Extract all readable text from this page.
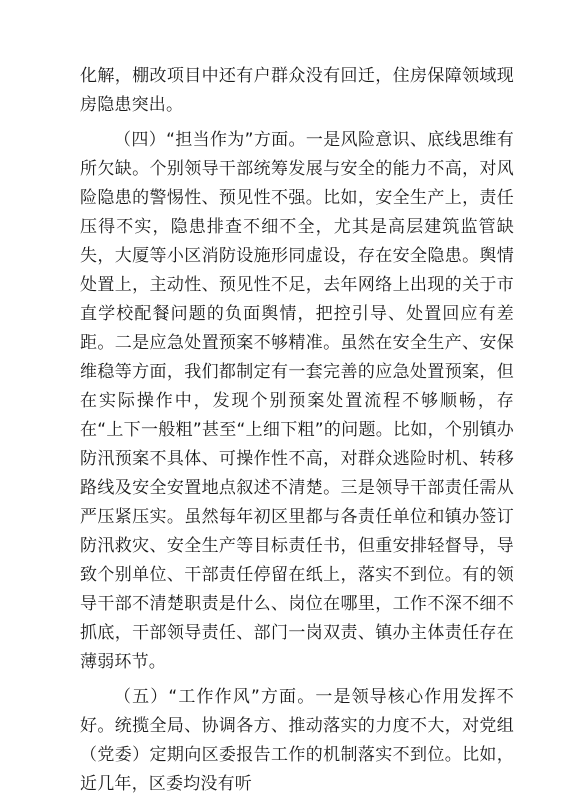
化解，棚改项目中还有户群众没有回迁，住房保障领域现房隐患突出。

（四）“担当作为”方面。一是风险意识、底线思维有所欠缺。个别领导干部统筹发展与安全的能力不高，对风险隐患的警惕性、预见性不强。比如，安全生产上，责任压得不实，隐患排查不细不全，尤其是高层建筑监管缺失，大厦等小区消防设施形同虚设，存在安全隐患。舆情处置上，主动性、预见性不足，去年网络上出现的关于市直学校配餐问题的负面舆情，把控引导、处置回应有差距。二是应急处置预案不够精准。虽然在安全生产、安保维稳等方面，我们都制定有一套完善的应急处置预案，但在实际操作中，发现个别预案处置流程不够顺畅，存在“上下一般粗”甚至“上细下粗”的问题。比如，个别镇办防汛预案不具体、可操作性不高，对群众逃险时机、转移路线及安全安置地点叙述不清楚。三是领导干部责任需从严压紧压实。虽然每年初区里都与各责任单位和镇办签订防汛救灾、安全生产等目标责任书，但重安排轻督导，导致个别单位、干部责任停留在纸上，落实不到位。有的领导干部不清楚职责是什么、岗位在哪里，工作不深不细不抓底，干部领导责任、部门一岗双责、镇办主体责任存在薄弱环节。

（五）“工作作风”方面。一是领导核心作用发挥不好。统揽全局、协调各方、推动落实的力度不大，对党组（党委）定期向区委报告工作的机制落实不到位。比如，近几年，区委均没有听
